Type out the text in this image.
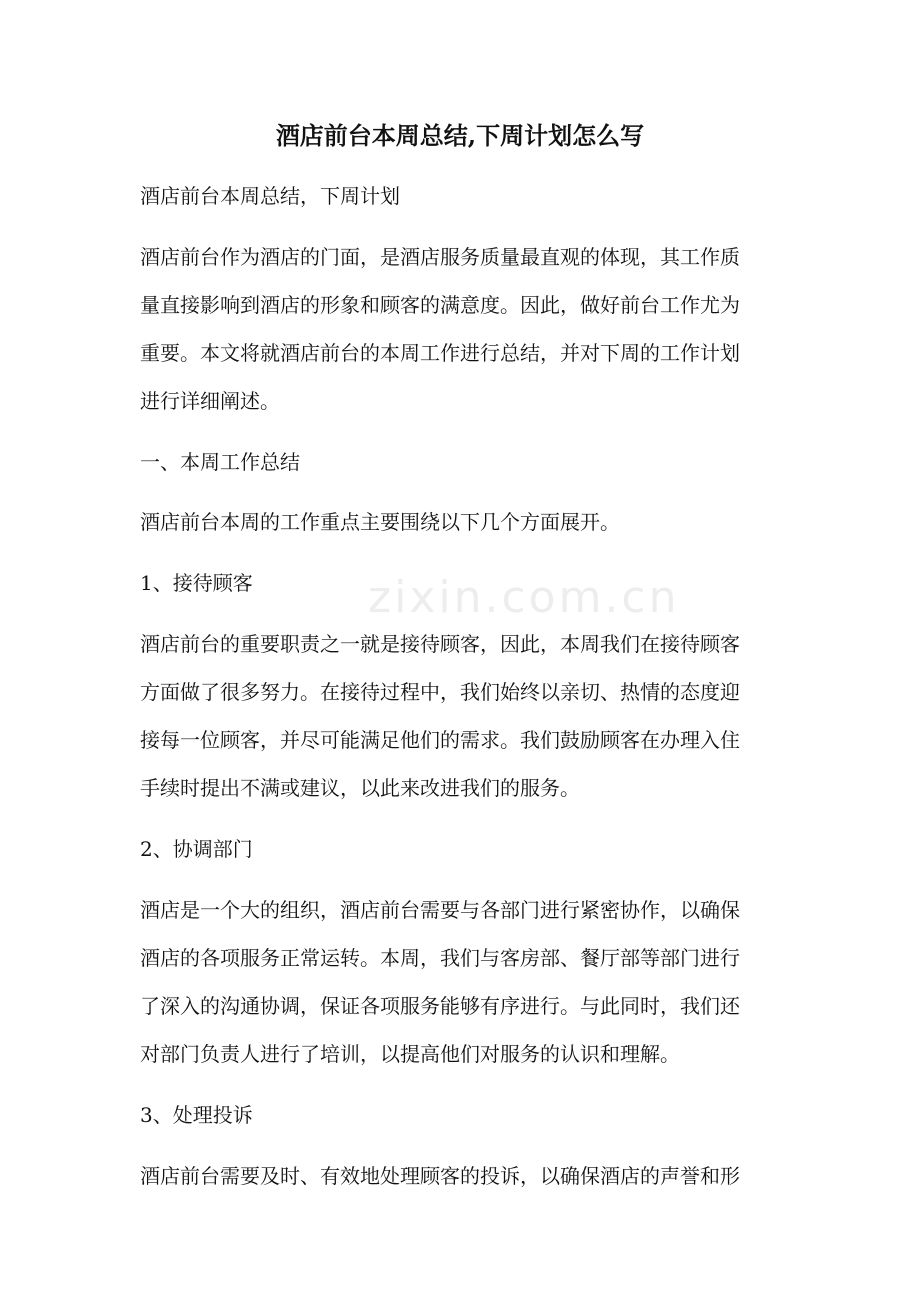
酒店前台本周总结,下周计划怎么写

酒店前台本周总结，下周计划

酒店前台作为酒店的门面，是酒店服务质量最直观的体现，其工作质
量直接影响到酒店的形象和顾客的满意度。因此，做好前台工作尤为
重要。本文将就酒店前台的本周工作进行总结，并对下周的工作计划
进行详细阐述。

一、本周工作总结

酒店前台本周的工作重点主要围绕以下几个方面展开。

1、接待顾客

酒店前台的重要职责之一就是接待顾客，因此，本周我们在接待顾客
方面做了很多努力。在接待过程中，我们始终以亲切、热情的态度迎
接每一位顾客，并尽可能满足他们的需求。我们鼓励顾客在办理入住
手续时提出不满或建议，以此来改进我们的服务。

2、协调部门

酒店是一个大的组织，酒店前台需要与各部门进行紧密协作，以确保
酒店的各项服务正常运转。本周，我们与客房部、餐厅部等部门进行
了深入的沟通协调，保证各项服务能够有序进行。与此同时，我们还
对部门负责人进行了培训，以提高他们对服务的认识和理解。

3、处理投诉

酒店前台需要及时、有效地处理顾客的投诉，以确保酒店的声誉和形
zixin.com.cn
